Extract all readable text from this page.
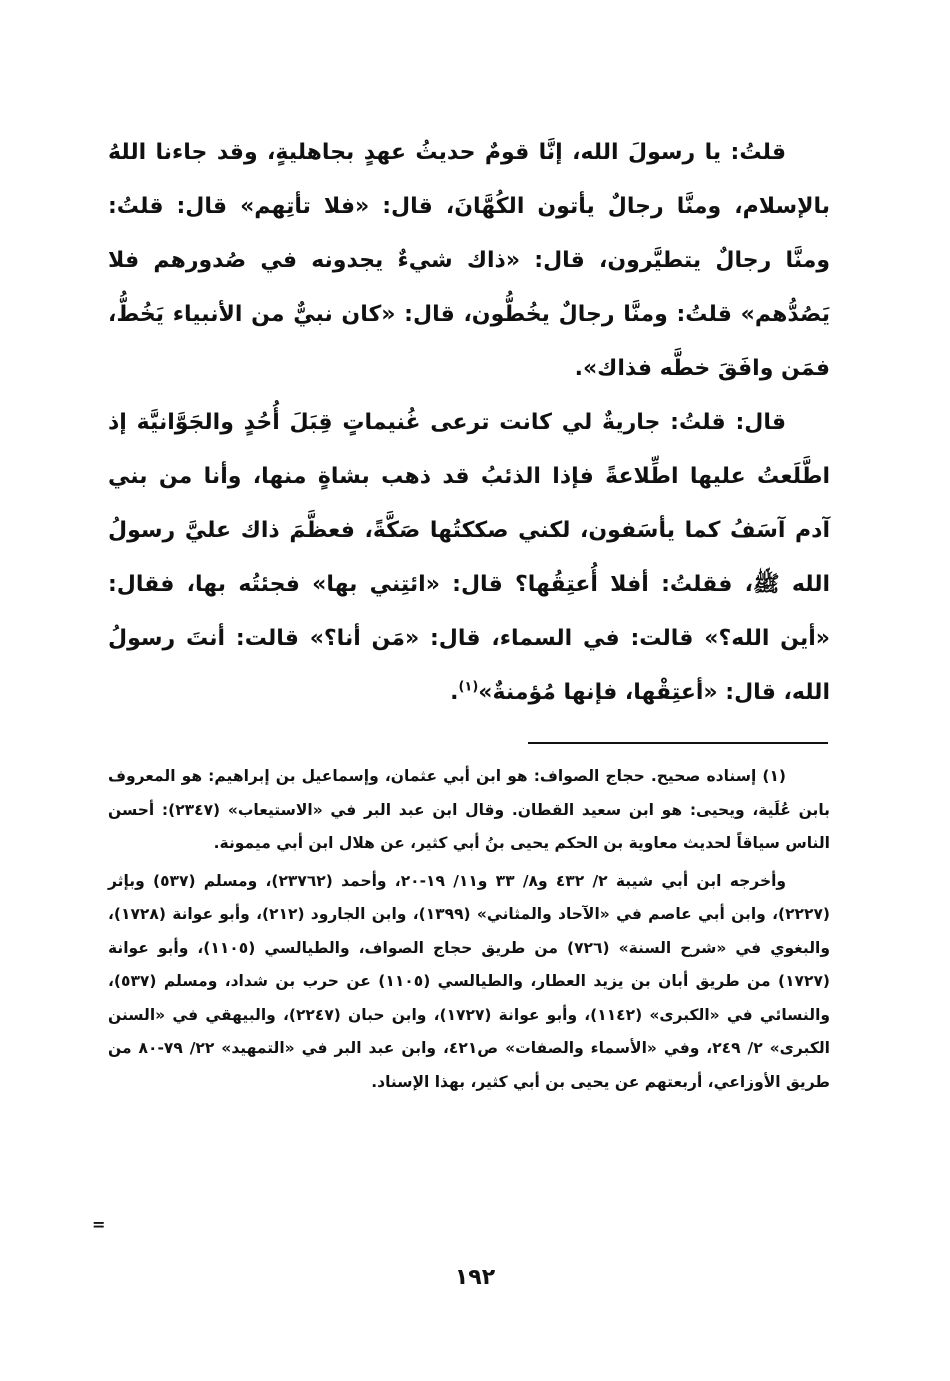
قلتُ: يا رسولَ الله، إنَّا قومٌ حديثُ عهدٍ بجاهليةٍ، وقد جاءنا اللهُ بالإسلام، ومنَّا رجالٌ يأتون الكُهَّانَ، قال: «فلا تأتِهم» قال: قلتُ: ومنَّا رجالٌ يتطيَّرون، قال: «ذاك شيءٌ يجدونه في صُدورهم فلا يَصُدُّهم» قلتُ: ومنَّا رجالٌ يخُطُّون، قال: «كان نبيٌّ من الأنبياء يَخُطُّ، فمَن وافَقَ خطَّه فذاك».

قال: قلتُ: جاريةٌ لي كانت ترعى غُنيماتٍ قِبَلَ أُحُدٍ والجَوَّانيَّة إذ اطَّلَعتُ عليها اطِّلاعةً فإذا الذئبُ قد ذهب بشاةٍ منها، وأنا من بني آدم آسَفُ كما يأسَفون، لكني صككتُها صَكَّةً، فعظَّمَ ذاك عليَّ رسولُ الله ﷺ، فقلتُ: أفلا أُعتِقُها؟ قال: «ائتِني بها» فجئتُه بها، فقال: «أين الله؟» قالت: في السماء، قال: «مَن أنا؟» قالت: أنتَ رسولُ الله، قال: «أعتِقْها، فإنها مُؤمنةٌ»$^{(١)}$.

(١) إسناده صحيح. حجاج الصواف: هو ابن أبي عثمان، وإسماعيل بن إبراهيم: هو المعروف بابن عُلَية، ويحيى: هو ابن سعيد القطان. وقال ابن عبد البر في «الاستيعاب» (٢٣٤٧): أحسن الناس سياقاً لحديث معاوية بن الحكم يحيى بنُ أبي كثير، عن هلال ابن أبي ميمونة.

وأخرجه ابن أبي شيبة ٢/ ٤٣٢ و٨/ ٣٣ و١١/ ١٩-٢٠، وأحمد (٢٣٧٦٢)، ومسلم (٥٣٧) وبإثر (٢٢٢٧)، وابن أبي عاصم في «الآحاد والمثاني» (١٣٩٩)، وابن الجارود (٢١٢)، وأبو عوانة (١٧٢٨)، والبغوي في «شرح السنة» (٧٢٦) من طريق حجاج الصواف، والطيالسي (١١٠٥)، وأبو عوانة (١٧٢٧) من طريق أبان بن يزيد العطار، والطيالسي (١١٠٥) عن حرب بن شداد، ومسلم (٥٣٧)، والنسائي في «الكبرى» (١١٤٢)، وأبو عوانة (١٧٢٧)، وابن حبان (٢٢٤٧)، والبيهقي في «السنن الكبرى» ٢/ ٢٤٩، وفي «الأسماء والصفات» ص٤٢١، وابن عبد البر في «التمهيد» ٢٢/ ٧٩-٨٠ من طريق الأوزاعي، أربعتهم عن يحيى بن أبي كثير، بهذا الإسناد.

=
١٩٢
